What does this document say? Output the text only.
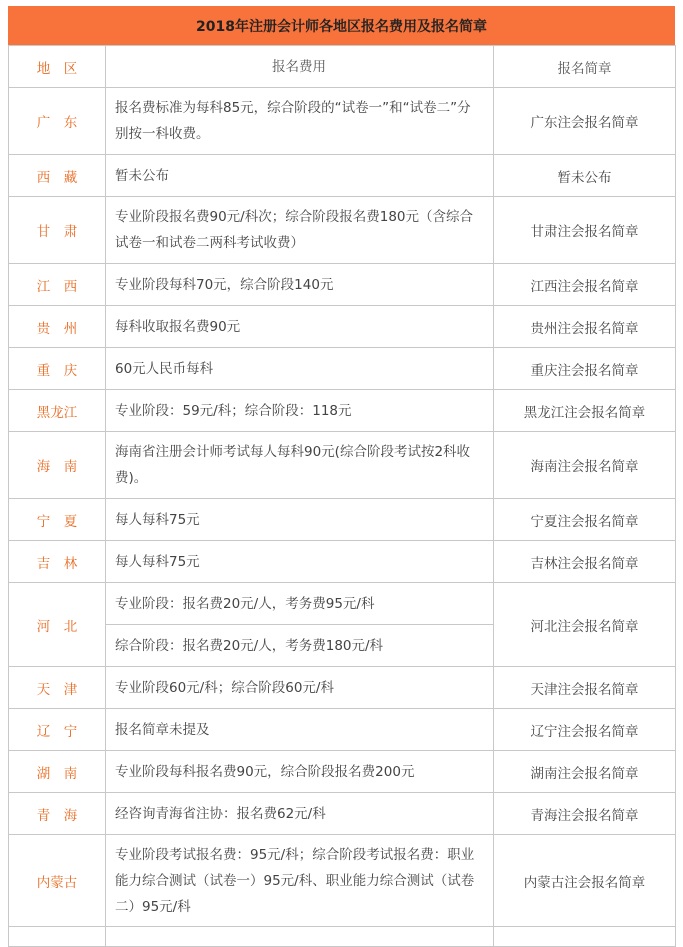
2018年注册会计师各地区报名费用及报名简章
地　区	报名费用	报名简章
广　东	报名费标准为每科85元，综合阶段的“试卷一”和“试卷二”分别按一科收费。	广东注会报名简章
西　藏	暂未公布	暂未公布
甘　肃	专业阶段报名费90元/科次；综合阶段报名费180元（含综合试卷一和试卷二两科考试收费）	甘肃注会报名简章
江　西	专业阶段每科70元，综合阶段140元	江西注会报名简章
贵　州	每科收取报名费90元	贵州注会报名简章
重　庆	60元人民币每科	重庆注会报名简章
黑龙江	专业阶段：59元/科；综合阶段：118元	黑龙江注会报名简章
海　南	海南省注册会计师考试每人每科90元(综合阶段考试按2科收费)。	海南注会报名简章
宁　夏	每人每科75元	宁夏注会报名简章
吉　林	每人每科75元	吉林注会报名简章
河　北	专业阶段：报名费20元/人，考务费95元/科	河北注会报名简章
	综合阶段：报名费20元/人，考务费180元/科	
天　津	专业阶段60元/科；综合阶段60元/科	天津注会报名简章
辽　宁	报名简章未提及	辽宁注会报名简章
湖　南	专业阶段每科报名费90元，综合阶段报名费200元	湖南注会报名简章
青　海	经咨询青海省注协：报名费62元/科	青海注会报名简章
内蒙古	专业阶段考试报名费：95元/科；综合阶段考试报名费：职业能力综合测试（试卷一）95元/科、职业能力综合测试（试卷二）95元/科	内蒙古注会报名简章
